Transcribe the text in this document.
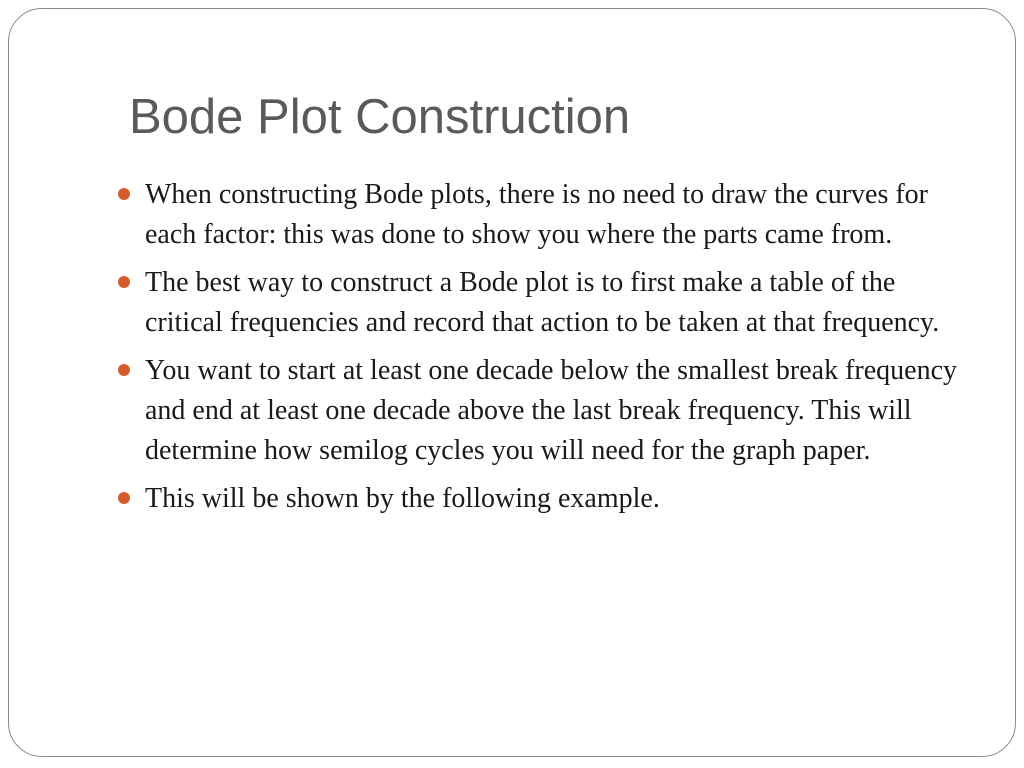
Bode Plot Construction
When constructing Bode plots, there is no need to draw the curves for each factor: this was done to show you where the parts came from.
The best way to construct a Bode plot is to first make a table of the critical frequencies and record that action to be taken at that frequency.
You want to start at least one decade below the smallest break frequency and end at least one decade above the last break frequency. This will determine how semilog cycles you will need for the graph paper.
This will be shown by the following example.
